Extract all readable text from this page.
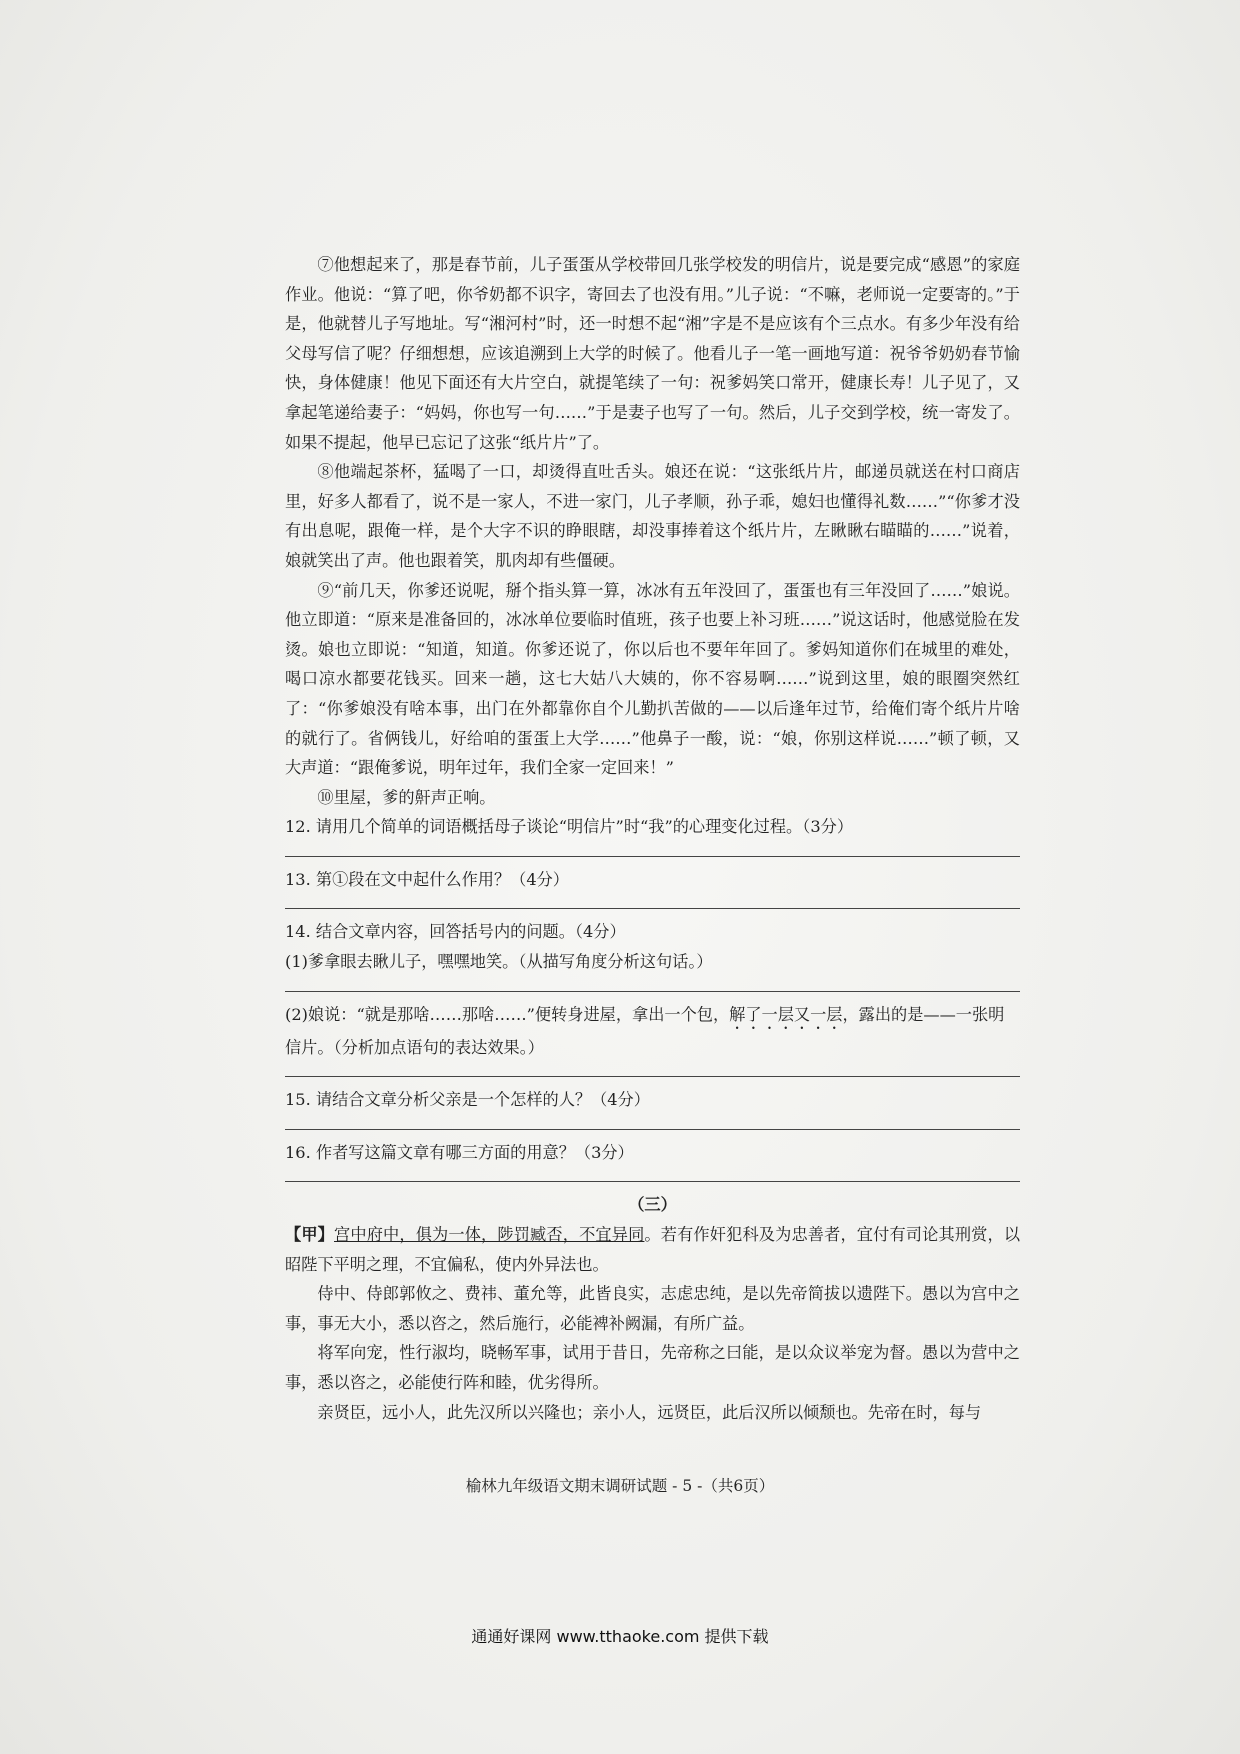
⑦他想起来了，那是春节前，儿子蛋蛋从学校带回几张学校发的明信片，说是要完成“感恩”的家庭作业。他说：“算了吧，你爷奶都不识字，寄回去了也没有用。”儿子说：“不嘛，老师说一定要寄的。”于是，他就替儿子写地址。写“湘河村”时，还一时想不起“湘”字是不是应该有个三点水。有多少年没有给父母写信了呢？仔细想想，应该追溯到上大学的时候了。他看儿子一笔一画地写道：祝爷爷奶奶春节愉快，身体健康！他见下面还有大片空白，就提笔续了一句：祝爹妈笑口常开，健康长寿！儿子见了，又拿起笔递给妻子：“妈妈，你也写一句……”于是妻子也写了一句。然后，儿子交到学校，统一寄发了。如果不提起，他早已忘记了这张“纸片片”了。

⑧他端起茶杯，猛喝了一口，却烫得直吐舌头。娘还在说：“这张纸片片，邮递员就送在村口商店里，好多人都看了，说不是一家人，不进一家门，儿子孝顺，孙子乖，媳妇也懂得礼数……”“你爹才没有出息呢，跟俺一样，是个大字不识的睁眼瞎，却没事捧着这个纸片片，左瞅瞅右瞄瞄的……”说着，娘就笑出了声。他也跟着笑，肌肉却有些僵硬。

⑨“前几天，你爹还说呢，掰个指头算一算，冰冰有五年没回了，蛋蛋也有三年没回了……”娘说。他立即道：“原来是准备回的，冰冰单位要临时值班，孩子也要上补习班……”说这话时，他感觉脸在发烫。娘也立即说：“知道，知道。你爹还说了，你以后也不要年年回了。爹妈知道你们在城里的难处，喝口凉水都要花钱买。回来一趟，这七大姑八大姨的，你不容易啊……”说到这里，娘的眼圈突然红了：“你爹娘没有啥本事，出门在外都靠你自个儿勤扒苦做的——以后逢年过节，给俺们寄个纸片片啥的就行了。省俩钱儿，好给咱的蛋蛋上大学……”他鼻子一酸，说：“娘，你别这样说……”顿了顿，又大声道：“跟俺爹说，明年过年，我们全家一定回来！”

⑩里屋，爹的鼾声正响。

12. 请用几个简单的词语概括母子谈论“明信片”时“我”的心理变化过程。（3分）

13. 第①段在文中起什么作用？（4分）

14. 结合文章内容，回答括号内的问题。（4分）

(1)爹拿眼去瞅儿子，嘿嘿地笑。（从描写角度分析这句话。）

(2)娘说：“就是那啥……那啥……”便转身进屋，拿出一个包，解了一层又一层，露出的是——一张明信片。（分析加点语句的表达效果。）

15. 请结合文章分析父亲是一个怎样的人？（4分）

16. 作者写这篇文章有哪三方面的用意？（3分）

（三）

【甲】宫中府中，俱为一体，陟罚臧否，不宜异同。若有作奸犯科及为忠善者，宜付有司论其刑赏，以昭陛下平明之理，不宜偏私，使内外异法也。

侍中、侍郎郭攸之、费祎、董允等，此皆良实，志虑忠纯，是以先帝简拔以遗陛下。愚以为宫中之事，事无大小，悉以咨之，然后施行，必能裨补阙漏，有所广益。

将军向宠，性行淑均，晓畅军事，试用于昔日，先帝称之曰能，是以众议举宠为督。愚以为营中之事，悉以咨之，必能使行阵和睦，优劣得所。

亲贤臣，远小人，此先汉所以兴隆也；亲小人，远贤臣，此后汉所以倾颓也。先帝在时，每与

榆林九年级语文期末调研试题 - 5 -（共6页）
通通好课网 www.tthaoke.com 提供下载
